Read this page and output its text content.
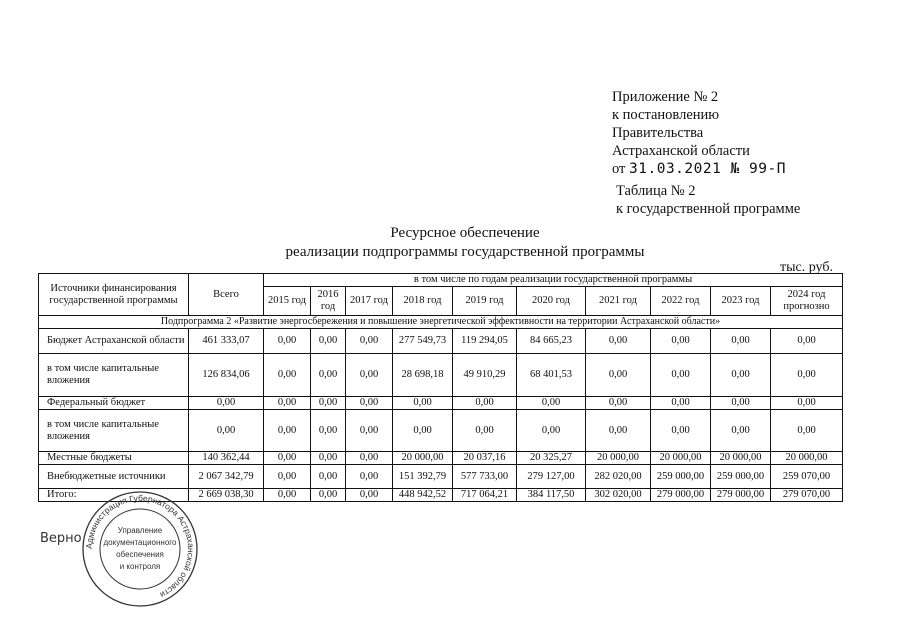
Приложение № 2
к постановлению
Правительства
Астраханской области
от 31.03.2021 № 99-П
Таблица № 2
к государственной программе
Ресурсное обеспечение
реализации подпрограммы государственной программы
тыс. руб.
Источники финансирования государственной программы	Всего	в том числе по годам реализации государственной программы									
		2015 год	2016 год	2017 год	2018 год	2019 год	2020 год	2021 год	2022 год	2023 год	2024 год прогнозно
Подпрограмма 2 «Развитие энергосбережения и повышение энергетической эффективности на территории Астраханской области»											
Бюджет Астраханской области	461 333,07	0,00	0,00	0,00	277 549,73	119 294,05	84 665,23	0,00	0,00	0,00	0,00
в том числе капитальные вложения	126 834,06	0,00	0,00	0,00	28 698,18	49 910,29	68 401,53	0,00	0,00	0,00	0,00
Федеральный бюджет	0,00	0,00	0,00	0,00	0,00	0,00	0,00	0,00	0,00	0,00	0,00
в том числе капитальные вложения	0,00	0,00	0,00	0,00	0,00	0,00	0,00	0,00	0,00	0,00	0,00
Местные бюджеты	140 362,44	0,00	0,00	0,00	20 000,00	20 037,16	20 325,27	20 000,00	20 000,00	20 000,00	20 000,00
Внебюджетные источники	2 067 342,79	0,00	0,00	0,00	151 392,79	577 733,00	279 127,00	282 020,00	259 000,00	259 000,00	259 070,00
Итого:	2 669 038,30	0,00	0,00	0,00	448 942,52	717 064,21	384 117,50	302 020,00	279 000,00	279 000,00	279 070,00
Верно
Администрация Губернатора Астраханской области
Управление
документационного
обеспечения
и контроля
